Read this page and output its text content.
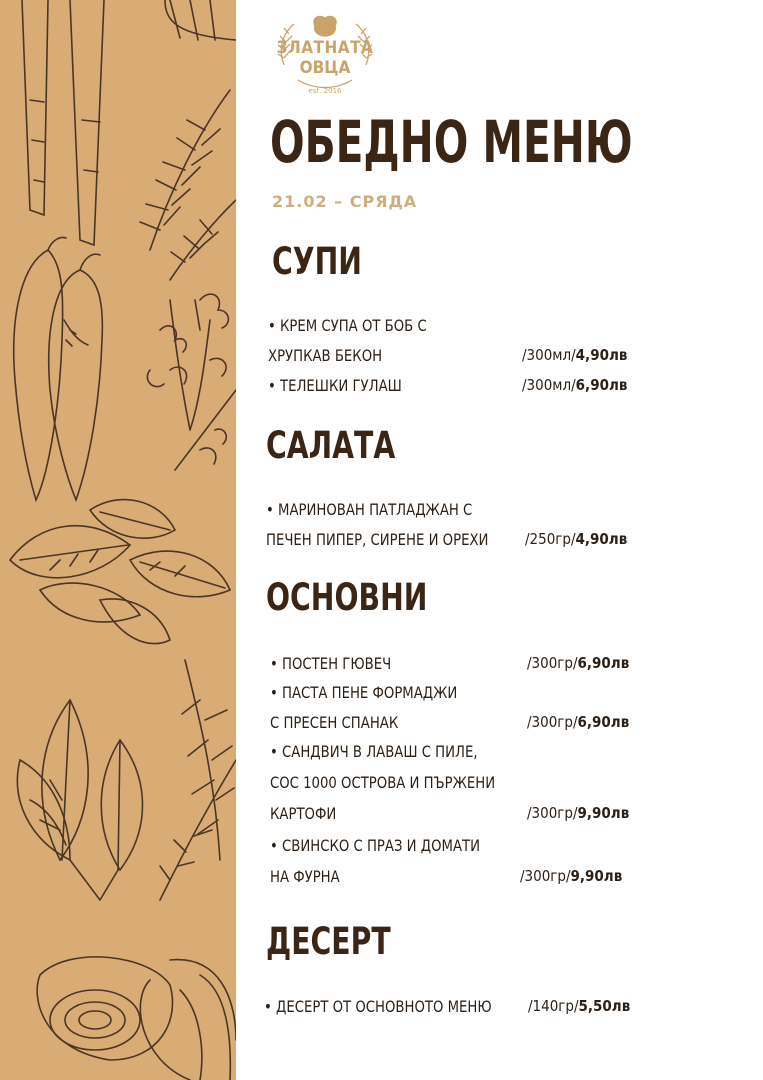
ЗЛАТНАТА
ОВЦА
est. 2016
ОБЕДНО МЕНЮ
21.02 – СРЯДА
СУПИ
• КРЕМ СУПА ОТ БОБ С
ХРУПКАВ БЕКОН	/300мл/4,90лв
• ТЕЛЕШКИ ГУЛАШ	/300мл/6,90лв
САЛАТА
• МАРИНОВАН ПАТЛАДЖАН С
ПЕЧЕН ПИПЕР, СИРЕНЕ И ОРЕХИ /250гр/4,90лв
ОСНОВНИ
• ПОСТЕН ГЮВЕЧ	/300гр/6,90лв
• ПАСТА ПЕНЕ ФОРМАДЖИ
С ПРЕСЕН СПАНАК	/300гр/6,90лв
• САНДВИЧ В ЛАВАШ С ПИЛЕ,
СОС 1000 ОСТРОВА И ПЪРЖЕНИ
КАРТОФИ	/300гр/9,90лв
• СВИНСКО С ПРАЗ И ДОМАТИ
НА ФУРНА	/300гр/9,90лв
ДЕСЕРТ
• ДЕСЕРТ ОТ ОСНОВНОТО МЕНЮ /140гр/5,50лв
